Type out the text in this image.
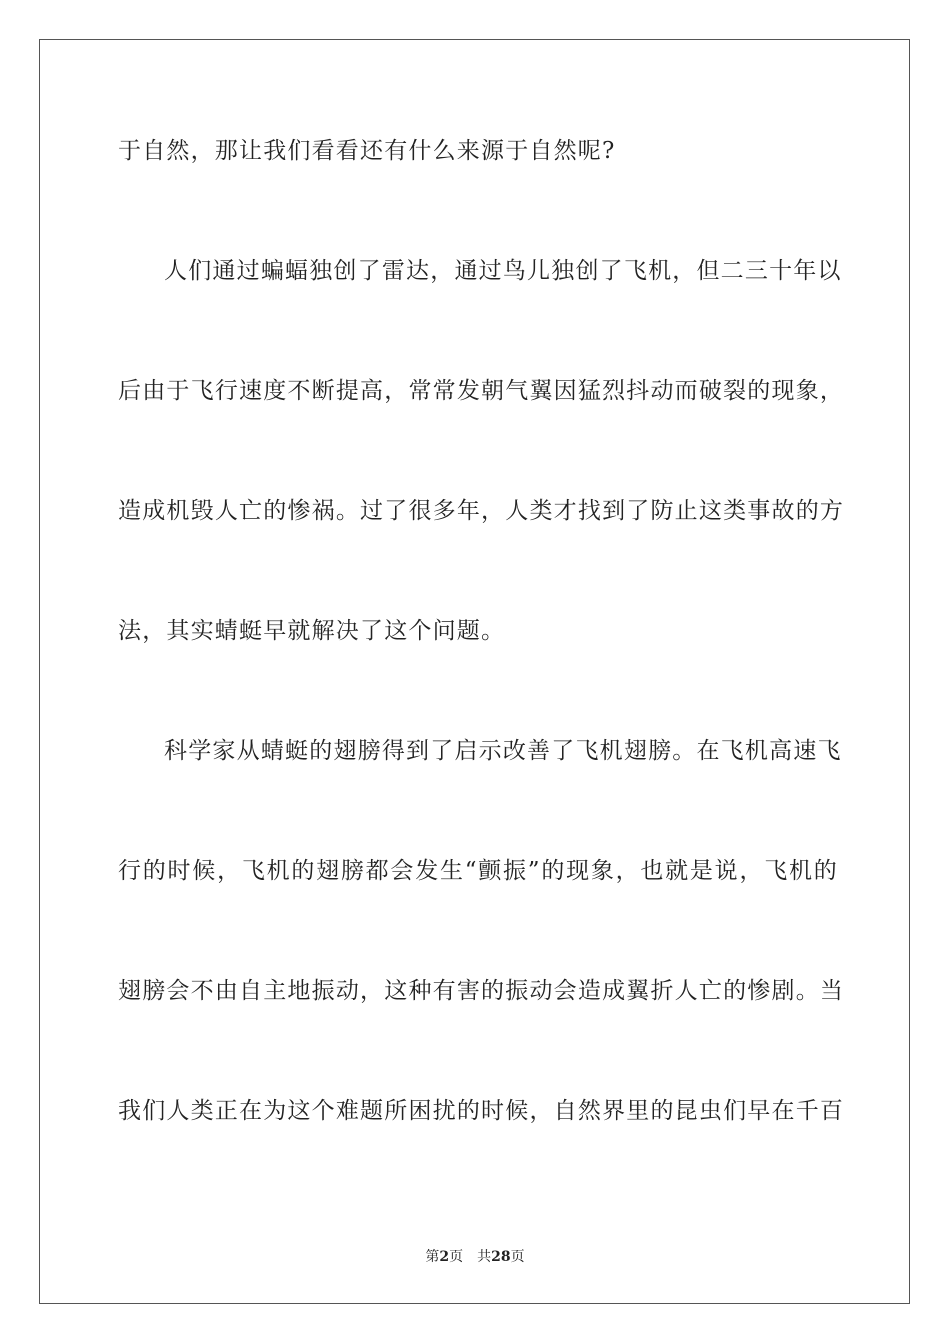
于自然，那让我们看看还有什么来源于自然呢?
人 们 通 过 蝙 蝠 独 创 了 雷 达 ， 通 过 鸟 儿 独 创 了 飞 机 ， 但 二 三 十 年 以
后 由 于 飞 行 速 度 不 断 提 高 ， 常 常 发 朝 气 翼 因 猛 烈 抖 动 而 破 裂 的 现 象 ，
造 成 机 毁 人 亡 的 惨 祸 。 过 了 很 多 年 ， 人 类 才 找 到 了 防 止 这 类 事 故 的 方
法，其实蜻蜓早就解决了这个问题。
科 学 家 从 蜻 蜓 的 翅 膀 得 到 了 启 示 改 善 了 飞 机 翅 膀 。 在 飞 机 高 速 飞
行 的 时 候 ， 飞 机 的 翅 膀 都 会 发 生 “ 颤 振 ” 的 现 象 ， 也 就 是 说 ， 飞 机 的
翅 膀 会 不 由 自 主 地 振 动 ， 这 种 有 害 的 振 动 会 造 成 翼 折 人 亡 的 惨 剧 。 当
我 们 人 类 正 在 为 这 个 难 题 所 困 扰 的 时 候 ， 自 然 界 里 的 昆 虫 们 早 在 千 百
第2页 共28页
